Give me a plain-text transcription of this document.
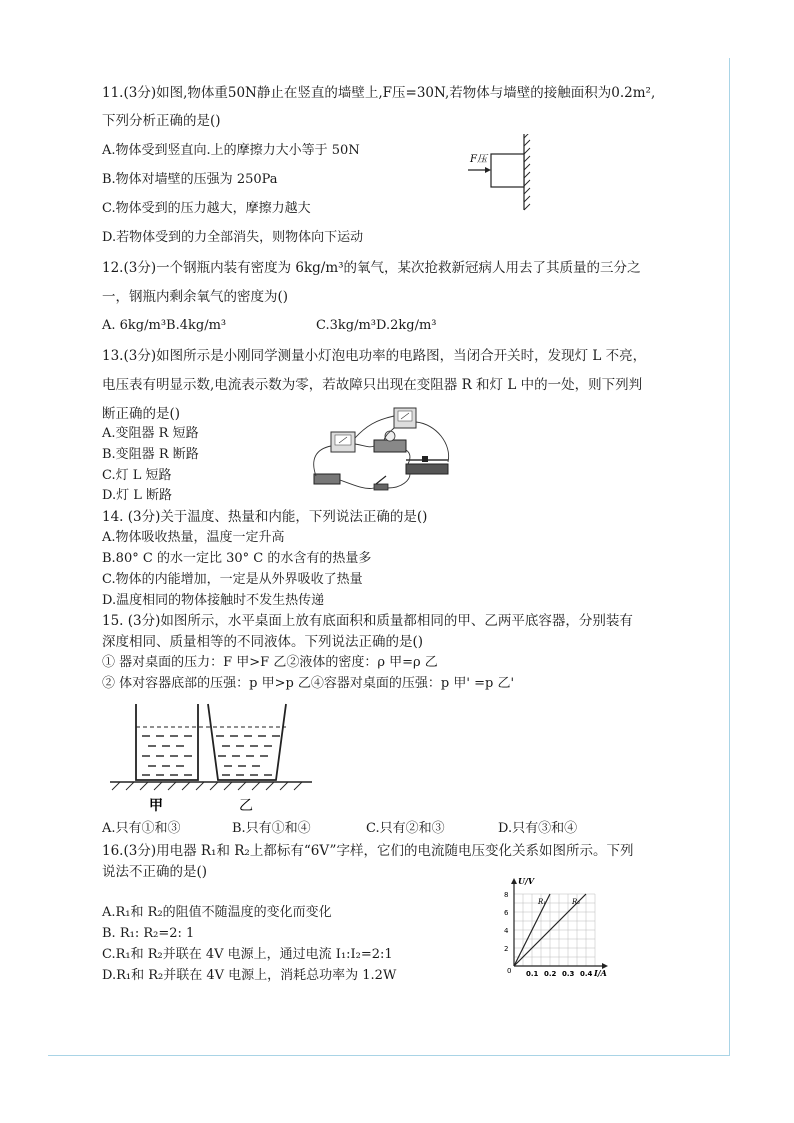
11.(3分)如图,物体重50N静止在竖直的墙壁上,F压=30N,若物体与墙壁的接触面积为0.2m²,
下列分析正确的是()
A.物体受到竖直向.上的摩擦力大小等于 50N
B.物体对墙壁的压强为 250Pa
C.物体受到的压力越大，摩擦力越大
D.若物体受到的力全部消失，则物体向下运动
F压
12.(3分)一个钢瓶内装有密度为 6kg/m³的氧气，某次抢救新冠病人用去了其质量的三分之
一，钢瓶内剩余氧气的密度为()
A. 6kg/m³B.4kg/m³	C.3kg/m³D.2kg/m³
13.(3分)如图所示是小刚同学测量小灯泡电功率的电路图，当闭合开关时，发现灯 L 不亮，
电压表有明显示数,电流表示数为零，若故障只出现在变阻器 R 和灯 L 中的一处，则下列判
断正确的是()
A.变阻器 R 短路
B.变阻器 R 断路
C.灯 L 短路
D.灯 L 断路
14. (3分)关于温度、热量和内能，下列说法正确的是()
A.物体吸收热量，温度一定升高
B.80° C 的水一定比 30° C 的水含有的热量多
C.物体的内能增加，一定是从外界吸收了热量
D.温度相同的物体接触时不发生热传递
15. (3分)如图所示，水平桌面上放有底面积和质量都相同的甲、乙两平底容器，分别装有
深度相同、质量相等的不同液体。下列说法正确的是()
① 器对桌面的压力：F 甲>F 乙②液体的密度：ρ 甲=ρ 乙
② 体对容器底部的压强：p 甲>p 乙④容器对桌面的压强：p 甲' =p 乙'
甲	乙
A.只有①和③	B.只有①和④	C.只有②和③	D.只有③和④
16.(3分)用电器 R₁和 R₂上都标有“6V”字样，它们的电流随电压变化关系如图所示。下列
说法不正确的是()
A.R₁和 R₂的阻值不随温度的变化而变化
B. R₁: R₂=2: 1
C.R₁和 R₂并联在 4V 电源上，通过电流 I₁:I₂=2:1
D.R₁和 R₂并联在 4V 电源上，消耗总功率为 1.2W
U/V
8
6
4
2
0 0.1 0.2 0.3 0.4 I/A
R₁	R₂
